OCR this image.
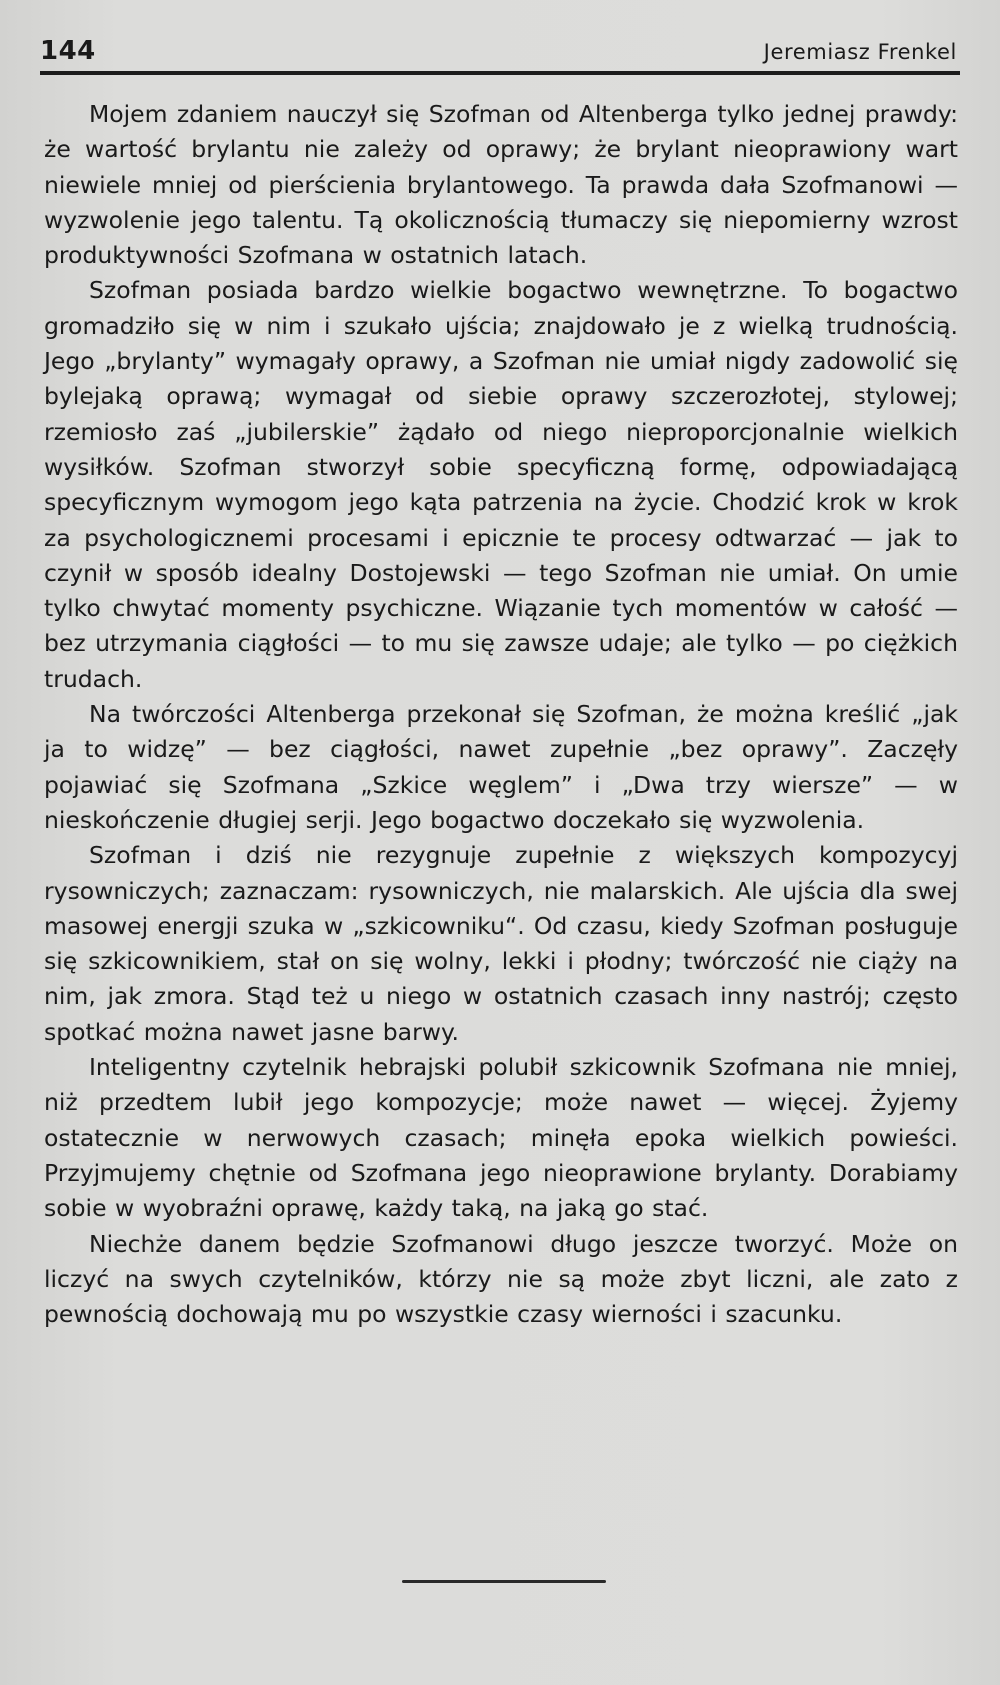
144	Jeremiasz Frenkel

Mojem zdaniem nauczył się Szofman od Altenberga tylko jednej prawdy: że wartość brylantu nie zależy od oprawy; że brylant nieoprawiony wart niewiele mniej od pierścienia brylantowego. Ta prawda dała Szofmanowi — wyzwolenie jego talentu. Tą okolicznością tłumaczy się niepomierny wzrost produktywności Szofmana w ostatnich latach.

Szofman posiada bardzo wielkie bogactwo wewnętrzne. To bogactwo gromadziło się w nim i szukało ujścia; znajdowało je z wielką trudnością. Jego „brylanty” wymagały oprawy, a Szofman nie umiał nigdy zadowolić się bylejaką oprawą; wymagał od siebie oprawy szczerozłotej, stylowej; rzemiosło zaś „jubilerskie” żądało od niego nieproporcjonalnie wielkich wysiłków. Szofman stworzył sobie specyficzną formę, odpowiadającą specyficznym wymogom jego kąta patrzenia na życie. Chodzić krok w krok za psychologicznemi procesami i epicznie te procesy odtwarzać — jak to czynił w sposób idealny Dostojewski — tego Szofman nie umiał. On umie tylko chwytać momenty psychiczne. Wiązanie tych momentów w całość — bez utrzymania ciągłości — to mu się zawsze udaje; ale tylko — po ciężkich trudach.

Na twórczości Altenberga przekonał się Szofman, że można kreślić „jak ja to widzę” — bez ciągłości, nawet zupełnie „bez oprawy”. Zaczęły pojawiać się Szofmana „Szkice węglem” i „Dwa trzy wiersze” — w nieskończenie długiej serji. Jego bogactwo doczekało się wyzwolenia.

Szofman i dziś nie rezygnuje zupełnie z większych kompozycyj rysowniczych; zaznaczam: rysowniczych, nie malarskich. Ale ujścia dla swej masowej energji szuka w „szkicowniku“. Od czasu, kiedy Szofman posługuje się szkicownikiem, stał on się wolny, lekki i płodny; twórczość nie ciąży na nim, jak zmora. Stąd też u niego w ostatnich czasach inny nastrój; często spotkać można nawet jasne barwy.

Inteligentny czytelnik hebrajski polubił szkicownik Szofmana nie mniej, niż przedtem lubił jego kompozycje; może nawet — więcej. Żyjemy ostatecznie w nerwowych czasach; minęła epoka wielkich powieści. Przyjmujemy chętnie od Szofmana jego nieoprawione brylanty. Dorabiamy sobie w wyobraźni oprawę, każdy taką, na jaką go stać.

Niechże danem będzie Szofmanowi długo jeszcze tworzyć. Może on liczyć na swych czytelników, którzy nie są może zbyt liczni, ale zato z pewnością dochowają mu po wszystkie czasy wierności i szacunku.
